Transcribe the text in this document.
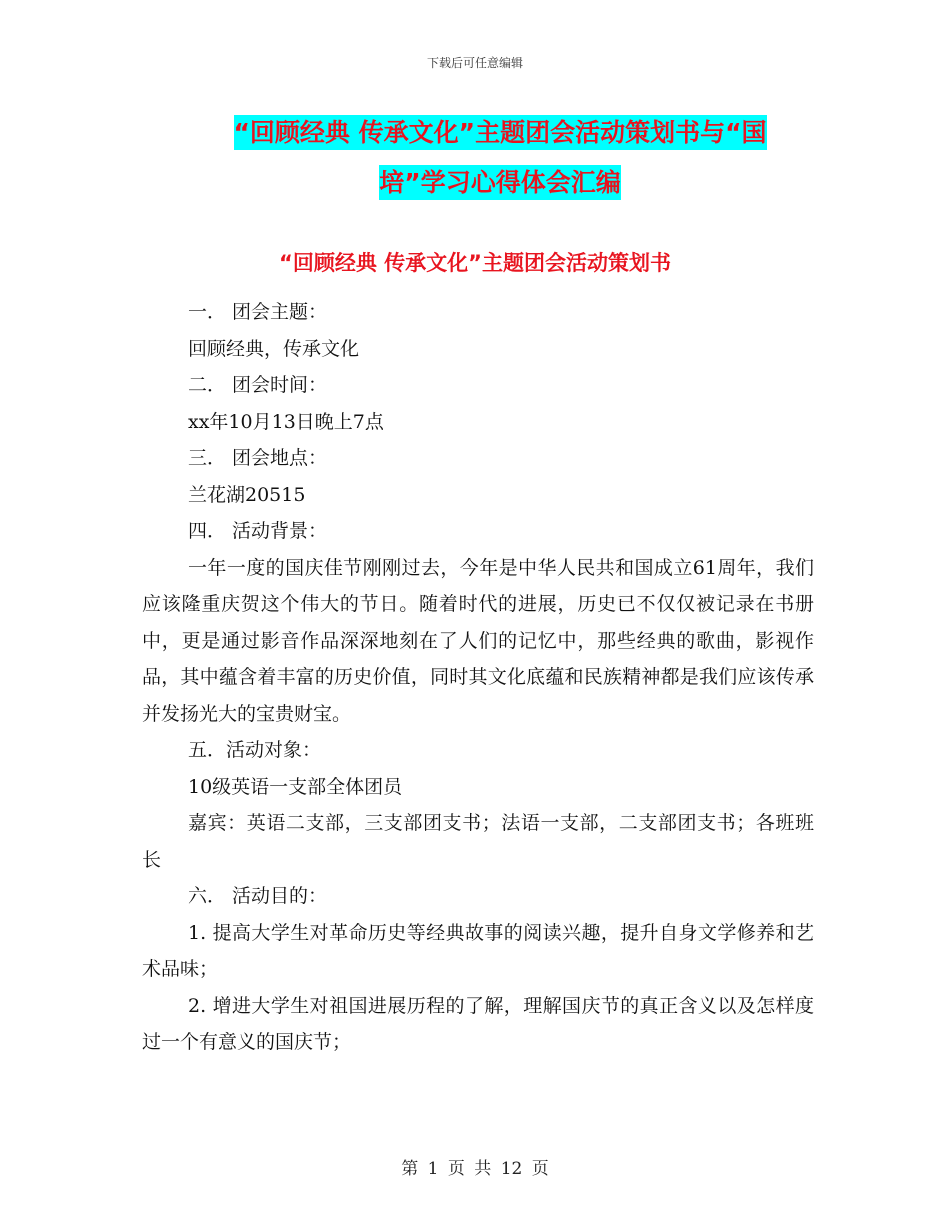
下载后可任意编辑
“回顾经典 传承文化”主题团会活动策划书与“国
培”学习心得体会汇编
“回顾经典 传承文化”主题团会活动策划书

一． 团会主题：

回顾经典，传承文化

二． 团会时间：

xx年10月13日晚上7点

三． 团会地点：

兰花湖20515

四． 活动背景：

一年一度的国庆佳节刚刚过去，今年是中华人民共和国成立61周年，我们应该隆重庆贺这个伟大的节日。随着时代的进展，历史已不仅仅被记录在书册中，更是通过影音作品深深地刻在了人们的记忆中，那些经典的歌曲，影视作品，其中蕴含着丰富的历史价值，同时其文化底蕴和民族精神都是我们应该传承并发扬光大的宝贵财宝。

五．活动对象：

10级英语一支部全体团员

嘉宾：英语二支部，三支部团支书；法语一支部，二支部团支书；各班班长

六． 活动目的：

1. 提高大学生对革命历史等经典故事的阅读兴趣，提升自身文学修养和艺术品味；

2. 增进大学生对祖国进展历程的了解，理解国庆节的真正含义以及怎样度过一个有意义的国庆节；

第 1 页 共 12 页
